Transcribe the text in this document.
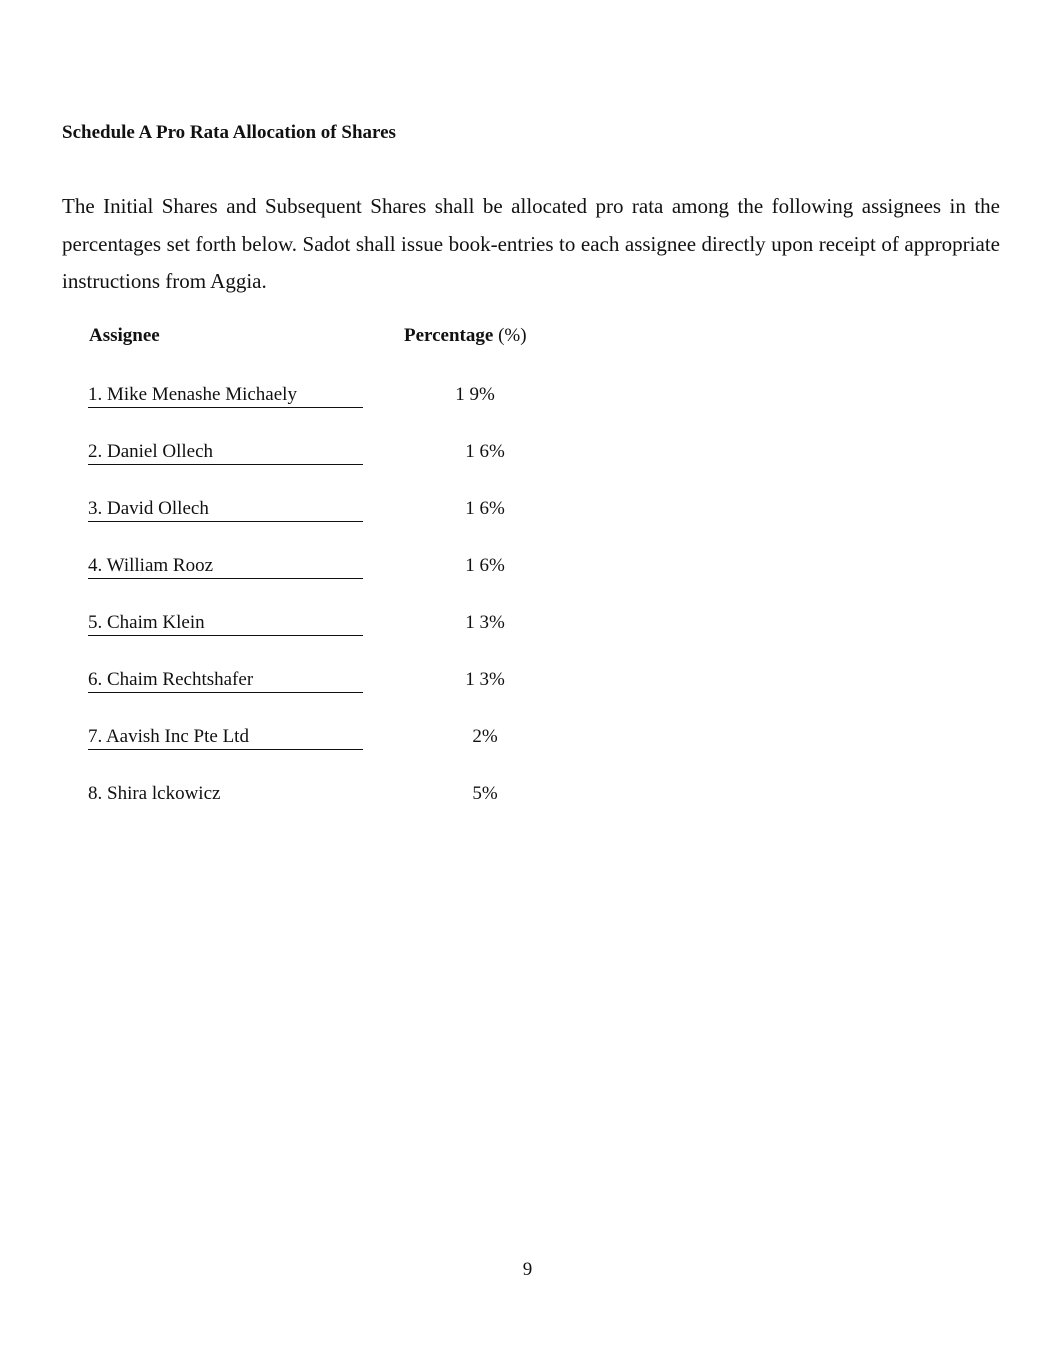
Schedule A Pro Rata Allocation of Shares

The Initial Shares and Subsequent Shares shall be allocated pro rata among the following assignees in the percentages set forth below. Sadot shall issue book-entries to each assignee directly upon receipt of appropriate instructions from Aggia.

Assignee	Percentage (%)
1. Mike Menashe Michaely	1 9%
2. Daniel Ollech	1 6%
3. David Ollech	1 6%
4. William Rooz	1 6%
5. Chaim Klein	1 3%
6. Chaim Rechtshafer	1 3%
7. Aavish Inc Pte Ltd	2%
8. Shira lckowicz	5%
9
